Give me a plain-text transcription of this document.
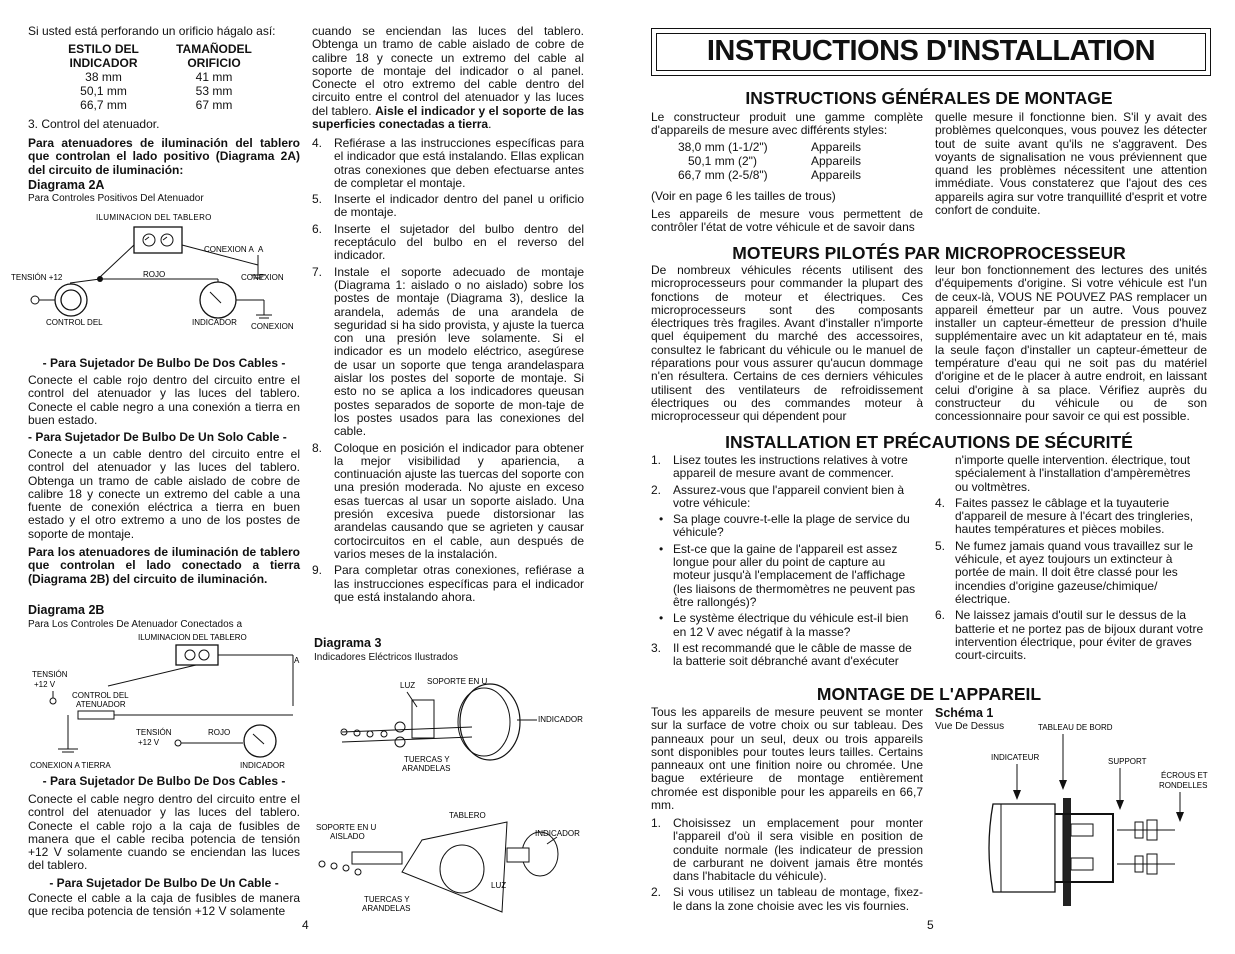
Si usted está perforando un orificio hágalo así:

ESTILO DEL INDICADOR	TAMAÑODEL ORIFICIO
38 mm	41 mm
50,1 mm	53 mm
66,7 mm	67 mm

3. Control del atenuador.

Para atenuadores de iluminación del tablero que controlan el lado positivo (Diagrama 2A) del circuito de iluminación:

Diagrama 2A

Para Controles Positivos Del Atenuador

ILUMINACION DEL TABLERO
CONEXION A A
ROJO
TENSIÓN +12	CONEXION
CONTROL DEL	INDICADOR CONEXION

- Para Sujetador De Bulbo De Dos Cables -

Conecte el cable rojo dentro del circuito entre el control del atenuador y las luces del tablero. Conecte el cable negro a una conexión a tierra en buen estado.

- Para Sujetador De Bulbo De Un Solo Cable -

Conecte a un cable dentro del circuito entre el control del atenuador y las luces del tablero. Obtenga un tramo de cable aislado de cobre de calibre 18 y conecte un extremo del cable a una fuente de conexión eléctrica a tierra en buen estado y el otro extremo a uno de los postes de soporte de montaje.

Para los atenuadores de iluminación de tablero que controlan el lado conectado a tierra (Diagrama 2B) del circuito de iluminación.

Diagrama 2B

Para Los Controles De Atenuador Conectados a

ILUMINACION DEL TABLERO
A
TENSIÓN
+12 V
CONTROL DEL
ATENUADOR
TENSIÓN
+12 V
ROJO
CONEXION A TIERRA	INDICADOR

- Para Sujetador De Bulbo De Dos Cables -

Conecte el cable negro dentro del circuito entre el control del atenuador y las luces del tablero. Conecte el cable rojo a la caja de fusibles de manera que el cable reciba potencia de tensión +12 V solamente cuando se enciendan las luces del tablero.

- Para Sujetador De Bulbo De Un Cable -

Conecte el cable a la caja de fusibles de manera que reciba potencia de tensión +12 V solamente

4

cuando se enciendan las luces del tablero. Obtenga un tramo de cable aislado de cobre de calibre 18 y conecte un extremo del cable al soporte de montaje del indicador o al panel. Conecte el otro extremo del cable dentro del circuito entre el control del atenuador y las luces del tablero. Aisle el indicador y el soporte de las superficies conectadas a tierra.

4. Refiérase a las instrucciones específicas para el indicador que está instalando. Ellas explican otras conexiones que deben efectuarse antes de completar el montaje.
5. Inserte el indicador dentro del panel u orificio de montaje.
6. Inserte el sujetador del bulbo dentro del receptáculo del bulbo en el reverso del indicador.
7. Instale el soporte adecuado de montaje (Diagrama 1: aislado o no aislado) sobre los postes de montaje (Diagrama 3), deslice la arandela, además de una arandela de seguridad si ha sido provista, y ajuste la tuerca con una presión leve solamente. Si el indicador es un modelo eléctrico, asegúrese de usar un soporte que tenga arandelaspara aislar los postes del soporte de montaje. Si esto no se aplica a los indicadores queusan postes separados de soporte de mon-taje de los postes usados para las conexiones del cable.
8. Coloque en posición el indicador para obtener la mejor visibilidad y apariencia, a continuación ajuste las tuercas del soporte con una presión moderada. No ajuste en exceso esas tuercas al usar un soporte aislado. Una presión excesiva puede distorsionar las arandelas causando que se agrieten y causar cortocircuitos en el cable, aun después de varios meses de la instalación.
9. Para completar otras conexiones, refiérase a las instrucciones específicas para el indicador que está instalando ahora.

Diagrama 3

Indicadores Eléctricos Ilustrados

LUZ SOPORTE EN U
INDICADOR
TUERCAS Y
ARANDELAS
SOPORTE EN U
AISLADO
TABLERO
INDICADOR
LUZ
TUERCAS Y
ARANDELAS
INSTRUCTIONS D'INSTALLATION

INSTRUCTIONS GÉNÉRALES DE MONTAGE

Le constructeur produit une gamme complète d'appareils de mesure avec différents styles:

38,0 mm (1-1/2")	Appareils
50,1 mm (2")	Appareils
66,7 mm (2-5/8")	Appareils

(Voir en page 6 les tailles de trous)

Les appareils de mesure vous permettent de contrôler l'état de votre véhicule et de savoir dans

quelle mesure il fonctionne bien. S'il y avait des problèmes quelconques, vous pouvez les détecter tout de suite avant qu'ils ne s'aggravent. Des voyants de signalisation ne vous préviennent que quand les problèmes nécessitent une attention immédiate. Vous constaterez que l'ajout des ces appareils agira sur votre tranquillité d'esprit et votre confort de conduite.

MOTEURS PILOTÉS PAR MICROPROCESSEUR

De nombreux véhicules récents utilisent des microprocesseurs pour commander la plupart des fonctions de moteur et électriques. Ces microprocesseurs sont des composants électriques très fragiles. Avant d'installer n'importe quel équipement du marché des accessoires, consultez le fabricant du véhicule ou le manuel de réparations pour vous assurer qu'aucun dommage n'en résultera. Certains de ces derniers véhicules utilisent des ventilateurs de refroidissement électriques ou des commandes moteur à microprocesseur qui dépendent pour

leur bon fonctionnement des lectures des unités d'équipements d'origine. Si votre véhicule est l'un de ceux-là, VOUS NE POUVEZ PAS remplacer un appareil émetteur par un autre. Vous pouvez installer un capteur-émetteur de pression d'huile supplémentaire avec un kit adaptateur en té, mais la seule façon d'installer un capteur-émetteur de température d'eau qui ne soit pas du matériel d'origine et de le placer à autre endroit, en laissant celui d'origine à sa place. Vérifiez auprès du constructeur du véhicule ou de son concessionnaire pour savoir ce qui est possible.

INSTALLATION ET PRÉCAUTIONS DE SÉCURITÉ

1. Lisez toutes les instructions relatives à votre appareil de mesure avant de commencer.
2. Assurez-vous que l'appareil convient bien à votre véhicule:
• Sa plage couvre-t-elle la plage de service du véhicule?
• Est-ce que la gaine de l'appareil est assez longue pour aller du point de capture au moteur jusqu'à l'emplacement de l'affichage (les liaisons de thermomètres ne peuvent pas être rallongés)?
• Le système électrique du véhicule est-il bien en 12 V avec négatif à la masse?
3. Il est recommandé que le câble de masse de la batterie soit débranché avant d'exécuter

n'importe quelle intervention. électrique, tout spécialement à l'installation d'ampèremètres ou voltmètres.

4. Faites passez le câblage et la tuyauterie d'appareil de mesure à l'écart des tringleries, hautes températures et pièces mobiles.
5. Ne fumez jamais quand vous travaillez sur le véhicule, et ayez toujours un extincteur à portée de main. Il doit être classé pour les incendies d'origine gazeuse/chimique/ électrique.
6. Ne laissez jamais d'outil sur le dessus de la batterie et ne portez pas de bijoux durant votre intervention électrique, pour éviter de graves court-circuits.

MONTAGE DE L'APPAREIL

Tous les appareils de mesure peuvent se monter sur la surface de votre choix ou sur tableau. Des panneaux pour un seul, deux ou trois appareils sont disponibles pour toutes leurs tailles. Certains panneaux ont une finition noire ou chromée. Une bague extérieure de montage entièrement chromée est disponible pour les appareils en 66,7 mm.

1. Choisissez un emplacement pour monter l'appareil d'où il sera visible en position de conduite normale (les indicateur de pression de carburant ne doivent jamais être montés dans l'habitacle du véhicule).
2. Si vous utilisez un tableau de montage, fixez-le dans la zone choisie avec les vis fournies.

Schéma 1

Vue De Dessus	TABLEAU DE BORD
INDICATEUR	SUPPORT
ÉCROUS ET
RONDELLES

5
